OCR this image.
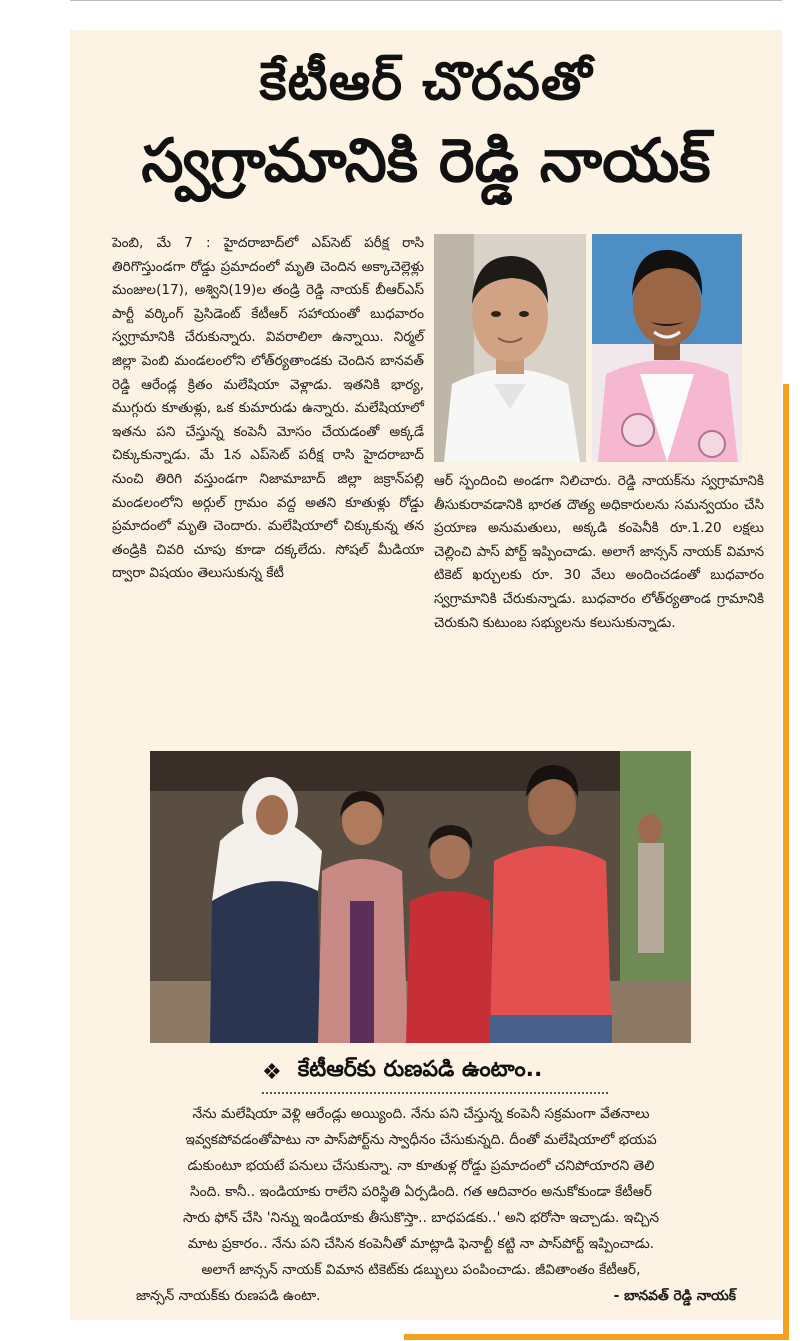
కేటీఆర్ చొరవతో
స్వగ్రామానికి రెడ్డి నాయక్

పెంబి, మే 7 : హైదరాబాద్‌లో ఎప్‌సెట్ పరీక్ష రాసి తిరిగొస్తుండగా రోడ్డు ప్రమాదంలో మృతి చెందిన అక్కాచెల్లెళ్లు మంజుల(17), అశ్విని(19)ల తండ్రి రెడ్డి నాయక్ బీఆర్‌ఎస్ పార్టీ వర్కింగ్ ప్రెసిడెంట్ కేటీఆర్ సహాయంతో బుధవారం స్వగ్రామానికి చేరుకున్నారు. వివరాలిలా ఉన్నాయి. నిర్మల్ జిల్లా పెంబి మండలంలోని లోత్‌ర్యతాండకు చెందిన బానవత్ రెడ్డి ఆరేండ్ల క్రితం మలేషియా వెళ్లాడు. ఇతనికి భార్య, ముగ్గురు కూతుళ్లు, ఒక కుమారుడు ఉన్నారు. మలేషియాలో ఇతను పని చేస్తున్న కంపెనీ మోసం చేయడంతో అక్కడే చిక్కుకున్నాడు. మే 1న ఎప్‌సెట్ పరీక్ష రాసి హైదరాబాద్ నుంచి తిరిగి వస్తుండగా నిజామాబాద్ జిల్లా జక్రాన్‌పల్లి మండలంలోని అర్గుల్ గ్రామం వద్ద అతని కూతుళ్లు రోడ్డు ప్రమాదంలో మృతి చెందారు. మలేషియాలో చిక్కుకున్న తన తండ్రికి చివరి చూపు కూడా దక్కలేదు. సోషల్ మీడియా ద్వారా విషయం తెలుసుకున్న కేటీ

ఆర్ స్పందించి అండగా నిలిచారు. రెడ్డి నాయక్‌ను స్వగ్రామానికి తీసుకురావడానికి భారత దౌత్య అధికారులను సమన్వయం చేసి ప్రయాణ అనుమతులు, అక్కడి కంపెనీకి రూ.1.20 లక్షలు చెల్లించి పాస్ పోర్ట్ ఇప్పించాడు. అలాగే జాన్సన్ నాయక్ విమాన టికెట్ ఖర్చులకు రూ. 30 వేలు అందించడంతో బుధవారం స్వగ్రామానికి చేరుకున్నాడు. బుధవారం లోత్‌ర్యతాండ గ్రామానికి చెరుకుని కుటుంబ సభ్యులను కలుసుకున్నాడు.

❖ కేటీఆర్‌కు రుణపడి ఉంటాం..

నేను మలేషియా వెళ్లి ఆరేండ్లు అయ్యింది. నేను పని చేస్తున్న కంపెనీ సక్రమంగా వేతనాలు

ఇవ్వకపోవడంతోపాటు నా పాస్‌పోర్ట్‌ను స్వాధీనం చేసుకున్నది. దీంతో మలేషియాలో భయప

డుకుంటూ భయటే పనులు చేసుకున్నా. నా కూతుళ్ల రోడ్డు ప్రమాదంలో చనిపోయారని తెలి

సింది. కానీ.. ఇండియాకు రాలేని పరిస్థితి ఏర్పడింది. గత ఆదివారం అనుకోకుండా కేటీఆర్

సారు ఫోన్ చేసి 'నిన్ను ఇండియాకు తీసుకొస్తా.. బాధపడకు..' అని భరోసా ఇచ్చాడు. ఇచ్చిన

మాట ప్రకారం.. నేను పని చేసిన కంపెనీతో మాట్లాడి ఫెనాల్టీ కట్టి నా పాస్‌పోర్ట్ ఇప్పించాడు.

అలాగే జాన్సన్ నాయక్ విమాన టికెట్‌కు డబ్బులు పంపించాడు. జీవితాంతం కేటీఆర్,

జాన్సన్ నాయక్‌కు రుణపడి ఉంటా.	- బానవత్ రెడ్డి నాయక్
